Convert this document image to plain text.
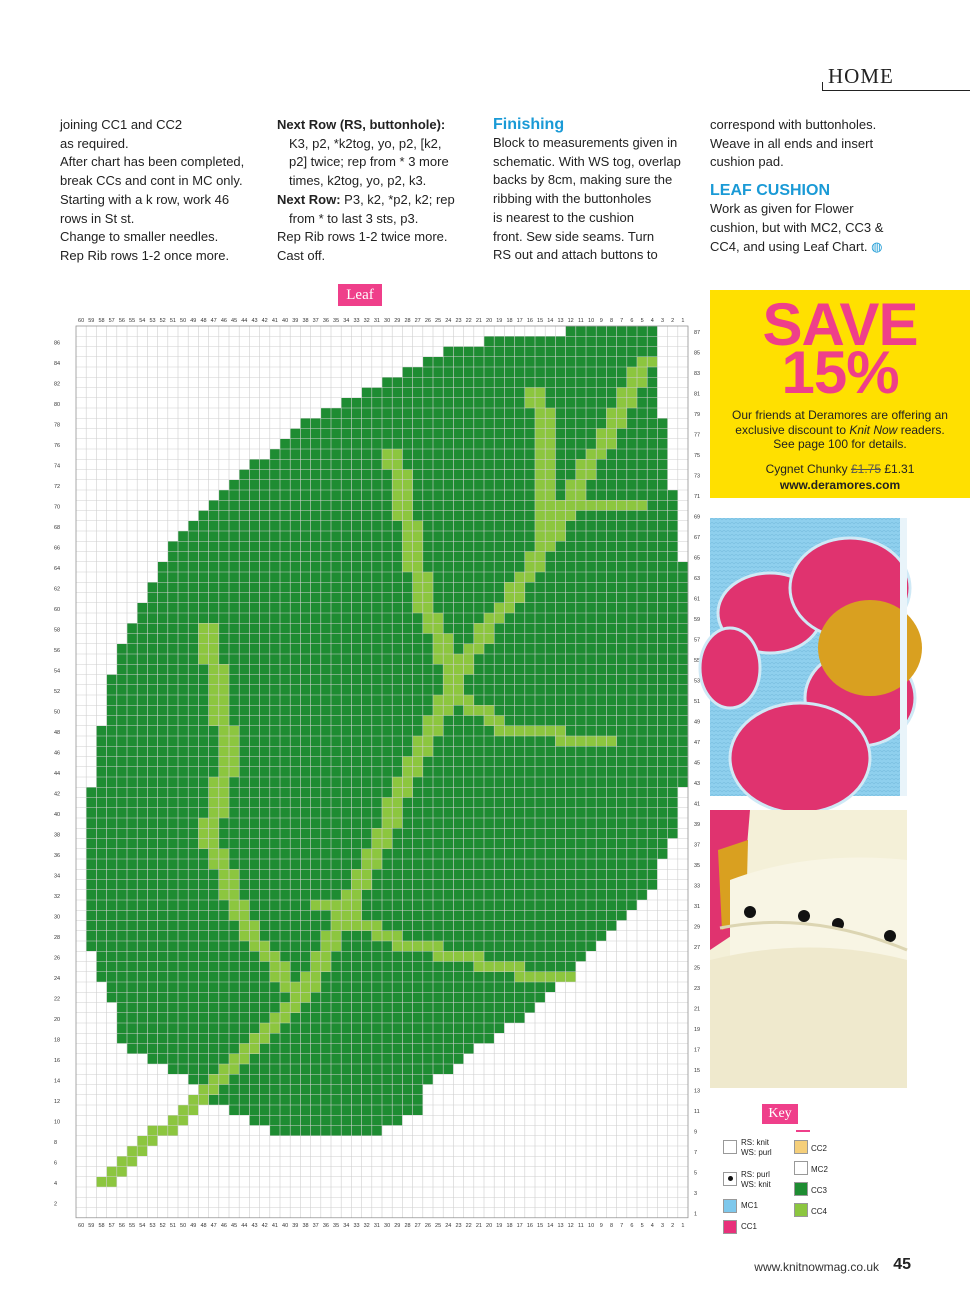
HOME

joining CC1 and CC2

as required.

After chart has been completed,

break CCs and cont in MC only.

Starting with a k row, work 46

rows in St st.

Change to smaller needles.

Rep Rib rows 1-2 once more.

Next Row (RS, buttonhole):

K3, p2, *k2tog, yo, p2, [k2,

p2] twice; rep from * 3 more

times, k2tog, yo, p2, k3.

Next Row: P3, k2, *p2, k2; rep

from * to last 3 sts, p3.

Rep Rib rows 1-2 twice more.

Cast off.

Finishing

Block to measurements given in

schematic. With WS tog, overlap

backs by 8cm, making sure the

ribbing with the buttonholes

is nearest to the cushion

front. Sew side seams. Turn

RS out and attach buttons to

correspond with buttonholes.

Weave in all ends and insert

cushion pad.

LEAF CUSHION

Work as given for Flower

cushion, but with MC2, CC3 &

CC4, and using Leaf Chart. ◍

Leaf
60
60
59
59
58
58
57
57
56
56
55
55
54
54
53
53
52
52
51
51
50
50
49
49
48
48
47
47
46
46
45
45
44
44
43
43
42
42
41
41
40
40
39
39
38
38
37
37
36
36
35
35
34
34
33
33
32
32
31
31
30
30
29
29
28
28
27
27
26
26
25
25
24
24
23
23
22
22
21
21
20
20
19
19
18
18
17
17
16
16
15
15
14
14
13
13
12
12
11
11
10
10
9
9
8
8
7
7
6
6
5
5
4
4
3
3
2
2
1
1
86
84
82
80
78
76
74
72
70
68
66
64
62
60
58
56
54
52
50
48
46
44
42
40
38
36
34
32
30
28
26
24
22
20
18
16
14
12
10
8
6
4
2
87
85
83
81
79
77
75
73
71
69
67
65
63
61
59
57
55
53
51
49
47
45
43
41
39
37
35
33
31
29
27
25
23
21
19
17
15
13
11
9
7
5
3
1
SAVE
15%
Our friends at Deramores are offering an
exclusive discount to Knit Now readers.
See page 100 for details.
Cygnet Chunky £1.75 £1.31
www.deramores.com
Key
RS: knit
WS: purl
RS: purl
WS: knit
MC1
CC1
CC2
MC2
CC3
CC4
www.knitnowmag.co.uk 45
